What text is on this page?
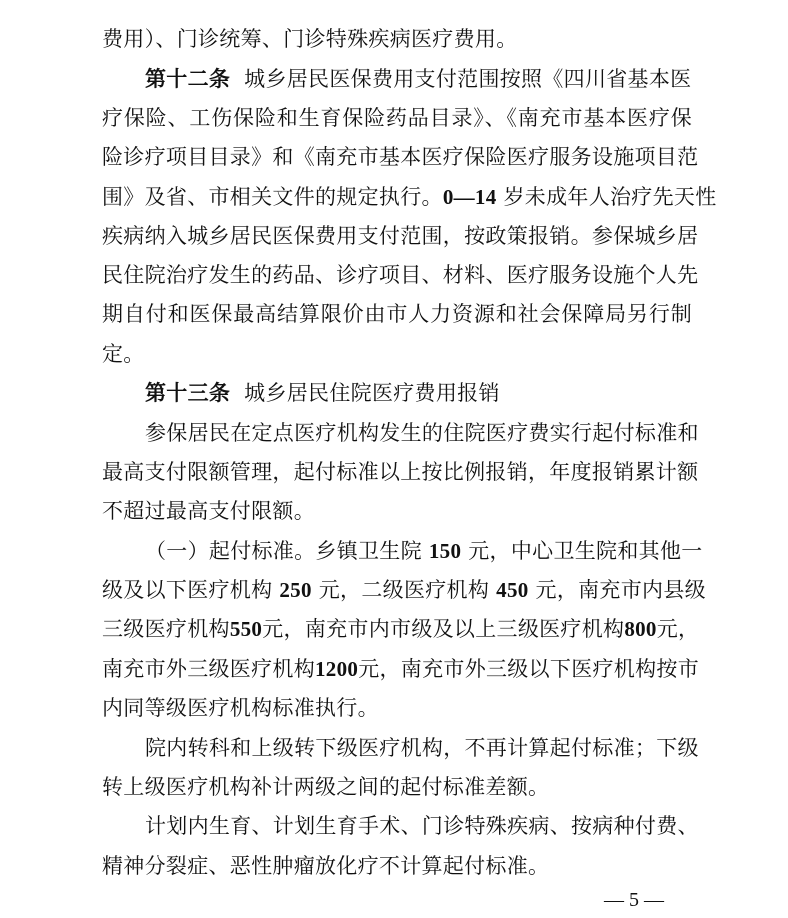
费用）、门诊统筹、门诊特殊疾病医疗费用。
第十二条 城乡居民医保费用支付范围按照《四川省基本医
疗保险、工伤保险和生育保险药品目录》、《南充市基本医疗保
险诊疗项目目录》和《南充市基本医疗保险医疗服务设施项目范
围》及省、市相关文件的规定执行。0—14 岁未成年人治疗先天性
疾病纳入城乡居民医保费用支付范围，按政策报销。参保城乡居
民住院治疗发生的药品、诊疗项目、材料、医疗服务设施个人先
期自付和医保最高结算限价由市人力资源和社会保障局另行制
定。
第十三条 城乡居民住院医疗费用报销
参保居民在定点医疗机构发生的住院医疗费实行起付标准和
最高支付限额管理，起付标准以上按比例报销，年度报销累计额
不超过最高支付限额。
（一）起付标准。乡镇卫生院 150 元，中心卫生院和其他一
级及以下医疗机构 250 元，二级医疗机构 450 元，南充市内县级
三级医疗机构550元，南充市内市级及以上三级医疗机构800元，
南充市外三级医疗机构1200元，南充市外三级以下医疗机构按市
内同等级医疗机构标准执行。
院内转科和上级转下级医疗机构，不再计算起付标准；下级
转上级医疗机构补计两级之间的起付标准差额。
计划内生育、计划生育手术、门诊特殊疾病、按病种付费、
精神分裂症、恶性肿瘤放化疗不计算起付标准。
— 5 —
